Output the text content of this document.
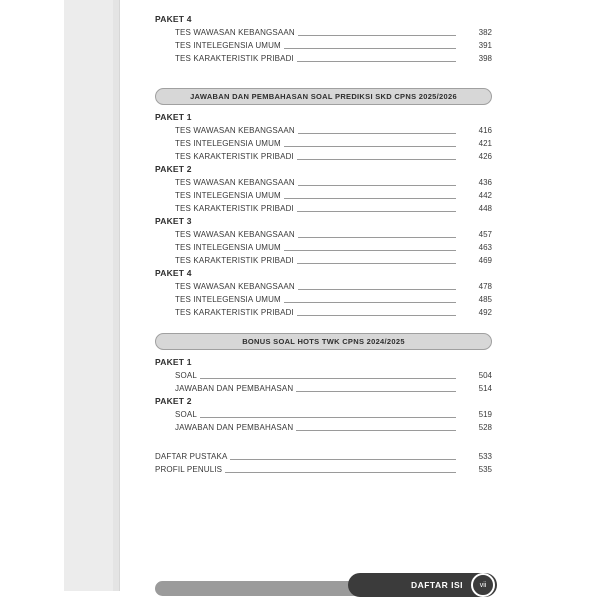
PAKET 4
TES WAWASAN KEBANGSAAN	382
TES INTELEGENSIA UMUM	391
TES KARAKTERISTIK PRIBADI	398
JAWABAN DAN PEMBAHASAN SOAL PREDIKSI SKD CPNS 2025/2026
PAKET 1
TES WAWASAN KEBANGSAAN	416
TES INTELEGENSIA UMUM	421
TES KARAKTERISTIK PRIBADI	426
PAKET 2
TES WAWASAN KEBANGSAAN	436
TES INTELEGENSIA UMUM	442
TES KARAKTERISTIK PRIBADI	448
PAKET 3
TES WAWASAN KEBANGSAAN	457
TES INTELEGENSIA UMUM	463
TES KARAKTERISTIK PRIBADI	469
PAKET 4
TES WAWASAN KEBANGSAAN	478
TES INTELEGENSIA UMUM	485
TES KARAKTERISTIK PRIBADI	492
BONUS SOAL HOTS TWK CPNS 2024/2025
PAKET 1
SOAL	504
JAWABAN DAN PEMBAHASAN	514
PAKET 2
SOAL	519
JAWABAN DAN PEMBAHASAN	528
DAFTAR PUSTAKA	533
PROFIL PENULIS	535
DAFTAR ISI vii
